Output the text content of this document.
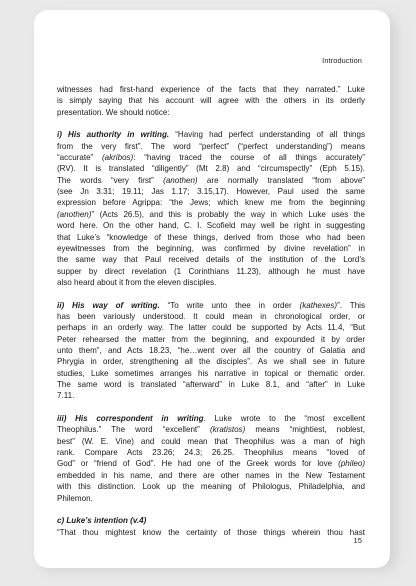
Introduction
witnesses had first-hand experience of the facts that they narrated.” Luke
is simply saying that his account will agree with the others in its orderly
presentation. We should notice:
i) His authority in writing. “Having had perfect understanding of all things
from the very first”. The word “perfect” (“perfect understanding”) means
“accurate” (akribos): “having traced the course of all things accurately”
(RV). It is translated “diligently” (Mt 2.8) and “circumspectly” (Eph 5.15).
The words “very first” (anothen) are normally translated “from above”
(see Jn 3.31; 19.11; Jas 1.17; 3.15,17). However, Paul used the same
expression before Agrippa: “the Jews; which knew me from the beginning
(anothen)” (Acts 26.5), and this is probably the way in which Luke uses the
word here. On the other hand, C. I. Scofield may well be right in suggesting
that Luke’s “knowledge of these things, derived from those who had been
eyewitnesses from the beginning, was confirmed by divine revelation” in
the same way that Paul received details of the institution of the Lord’s
supper by direct revelation (1 Corinthians 11.23), although he must have
also heard about it from the eleven disciples.
ii) His way of writing. “To write unto thee in order (kathexes)”. This
has been variously understood. It could mean in chronological order, or
perhaps in an orderly way. The latter could be supported by Acts 11.4, “But
Peter rehearsed the matter from the beginning, and expounded it by order
unto them”, and Acts 18.23, “he…went over all the country of Galatia and
Phrygia in order, strengthening all the disciples”. As we shall see in future
studies, Luke sometimes arranges his narrative in topical or thematic order.
The same word is translated “afterward” in Luke 8.1, and “after” in Luke
7.11.
iii) His correspondent in writing. Luke wrote to the “most excellent
Theophilus.” The word “excellent” (kratistos) means “mightiest, noblest,
best” (W. E. Vine) and could mean that Theophilus was a man of high
rank. Compare Acts 23.26; 24.3; 26.25. Theophilus means “loved of
God” or “friend of God”. He had one of the Greek words for love (phileo)
embedded in his name, and there are other names in the New Testament
with this distinction. Look up the meaning of Philologus, Philadelphia, and
Philemon.
c) Luke’s intention (v.4)
“That thou mightest know the certainty of those things wherein thou hast
15
